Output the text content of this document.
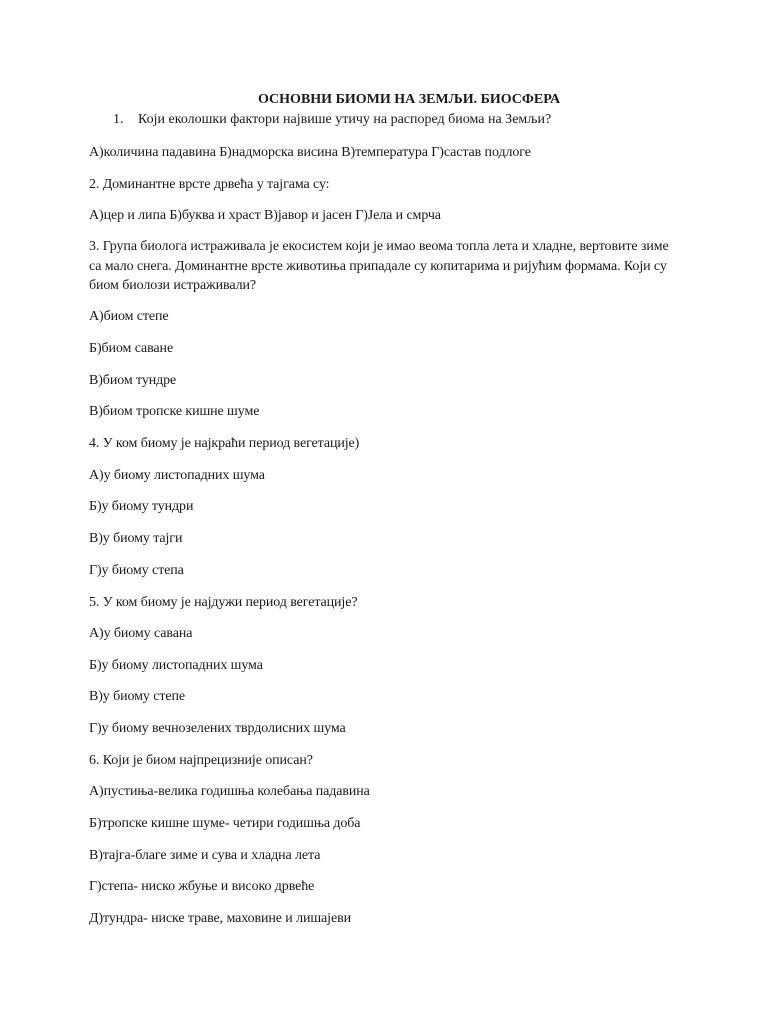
ОСНОВНИ БИОМИ НА ЗЕМЉИ. БИОСФЕРА
1. Који еколошки фактори највише утичу на распоред биома на Земљи?
А)количина падавина Б)надморска висина В)температура Г)састав подлоге
2. Доминантне врсте дрвећа у тајгама су:
А)цер и липа Б)буква и храст В)јавор и јасен Г)Јела и смрча
3. Група биолога истраживала је екосистем који је имао веома топла лета и хладне, вертовите зиме
са мало снега. Доминантне врсте животиња припадале су копитарима и ријућим формама. Који су
биом биолози истраживали?
А)биом степе
Б)биом саване
В)биом тундре
В)биом тропске кишне шуме
4. У ком биому је најкраћи период вегетације)
А)у биому листопадних шума
Б)у биому тундри
В)у биому тајги
Г)у биому степа
5. У ком биому је најдужи период вегетације?
А)у биому савана
Б)у биому листопадних шума
В)у биому степе
Г)у биому вечнозелених тврдолисних шума
6. Који је биом најпрецизније описан?
А)пустиња-велика годишња колебања падавина
Б)тропске кишне шуме- четири годишња доба
В)тајга-благе зиме и сува и хладна лета
Г)степа- ниско жбуње и високо дрвеће
Д)тундра- ниске траве, маховине и лишајеви
